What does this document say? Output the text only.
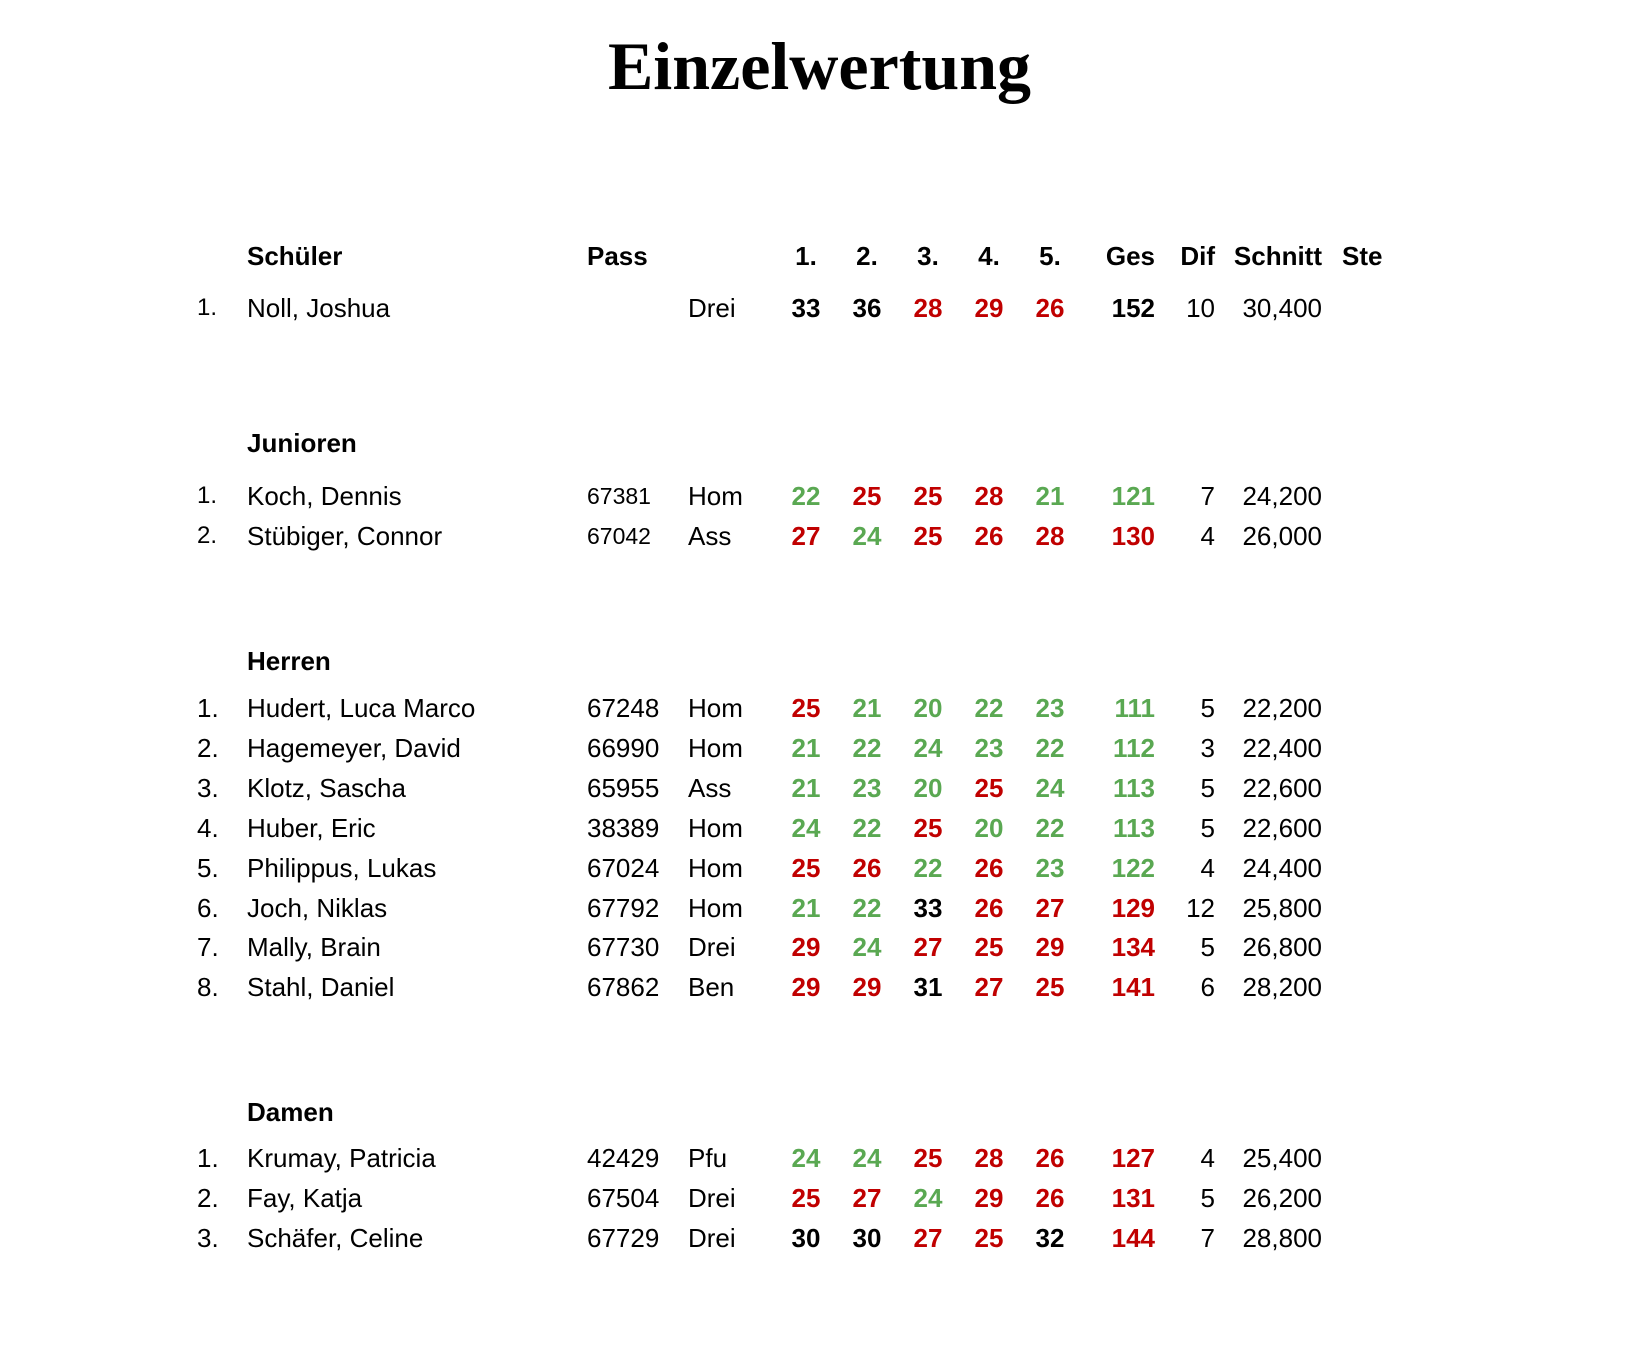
Einzelwertung
Schüler	Pass	1.	2.	3.	4.	5.	Ges Dif Schnitt Ste
1. Noll, Joshua	Drei 33 36 28 29 26	152	10	30,400
Junioren
1. Koch, Dennis	67381 Hom 22 25 25 28 21	121	7	24,200
2. Stübiger, Connor	67042 Ass 27 24 25 26 28	130	4	26,000
Herren
1. Hudert, Luca Marco	67248 Hom 25 21 20 22 23	111	5	22,200
2. Hagemeyer, David	66990 Hom 21 22 24 23 22	112	3	22,400
3. Klotz, Sascha	65955 Ass 21 23 20 25 24	113	5	22,600
4. Huber, Eric	38389 Hom 24 22 25 20 22	113	5	22,600
5. Philippus, Lukas	67024 Hom 25 26 22 26 23	122	4	24,400
6. Joch, Niklas	67792 Hom 21 22 33 26 27	129	12	25,800
7. Mally, Brain	67730 Drei 29 24 27 25 29	134	5	26,800
8. Stahl, Daniel	67862 Ben 29 29 31 27 25	141	6	28,200
Damen
1. Krumay, Patricia	42429 Pfu 24 24 25 28 26	127	4	25,400
2. Fay, Katja	67504 Drei 25 27 24 29 26	131	5	26,200
3. Schäfer, Celine	67729 Drei 30 30 27 25 32	144	7	28,800
